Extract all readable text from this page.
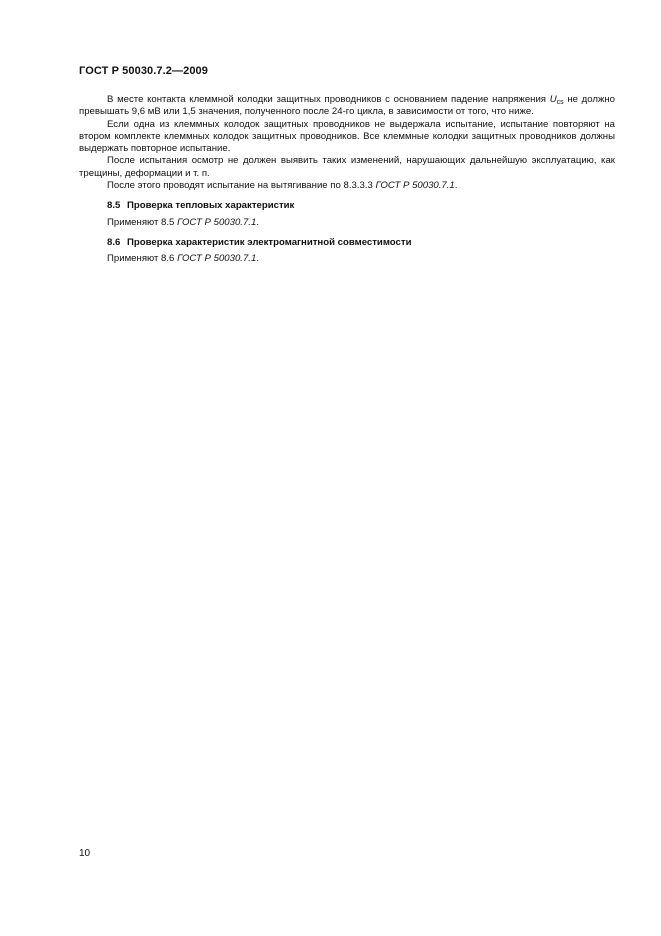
ГОСТ Р 50030.7.2—2009

В месте контакта клеммной колодки защитных проводников с основанием падение напряжения $U_{cs}$ не должно превышать 9,6 мВ или 1,5 значения, полученного после 24-го цикла, в зависимости от того, что ниже.

Если одна из клеммных колодок защитных проводников не выдержала испытание, испытание повторяют на втором комплекте клеммных колодок защитных проводников. Все клеммные колодки защитных проводников должны выдержать повторное испытание.

После испытания осмотр не должен выявить таких изменений, нарушающих дальнейшую эксплуатацию, как трещины, деформации и т. п.

После этого проводят испытание на вытягивание по 8.3.3.3 ГОСТ Р 50030.7.1.

8.5 Проверка тепловых характеристик

Применяют 8.5 ГОСТ Р 50030.7.1.

8.6 Проверка характеристик электромагнитной совместимости

Применяют 8.6 ГОСТ Р 50030.7.1.

10
